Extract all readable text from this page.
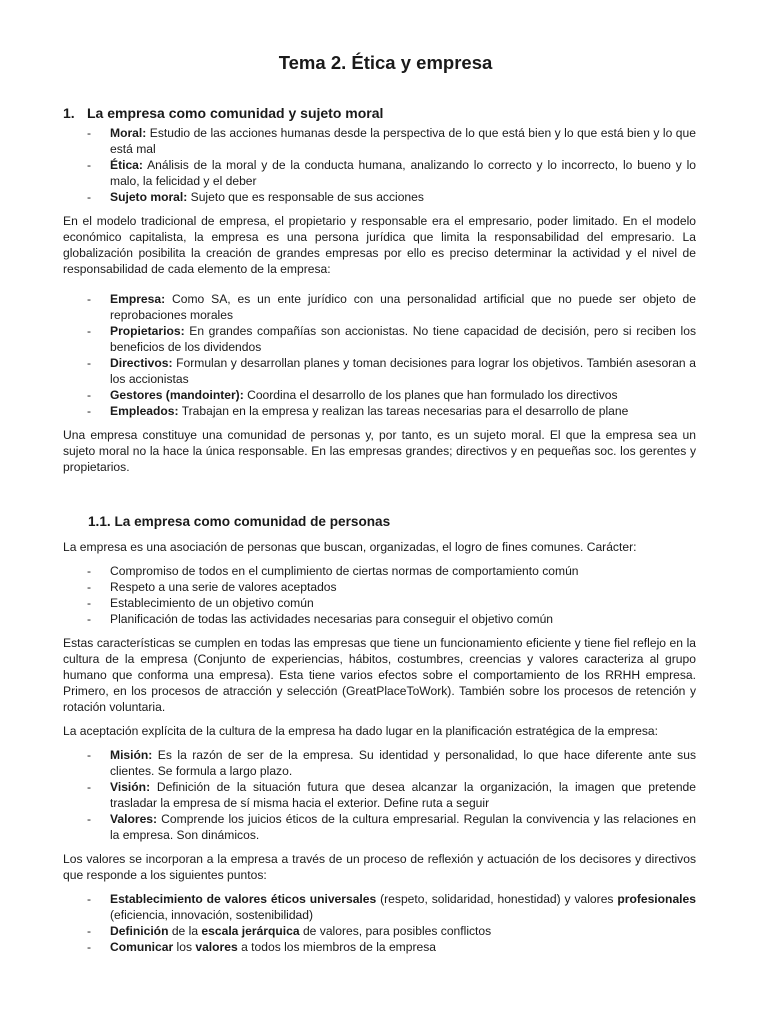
Tema 2. Ética y empresa
1. La empresa como comunidad y sujeto moral
- Moral: Estudio de las acciones humanas desde la perspectiva de lo que está bien y lo que está bien y lo que está mal
- Ética: Análisis de la moral y de la conducta humana, analizando lo correcto y lo incorrecto, lo bueno y lo malo, la felicidad y el deber
- Sujeto moral: Sujeto que es responsable de sus acciones

En el modelo tradicional de empresa, el propietario y responsable era el empresario, poder limitado. En el modelo económico capitalista, la empresa es una persona jurídica que limita la responsabilidad del empresario. La globalización posibilita la creación de grandes empresas por ello es preciso determinar la actividad y el nivel de responsabilidad de cada elemento de la empresa:

- Empresa: Como SA, es un ente jurídico con una personalidad artificial que no puede ser objeto de reprobaciones morales
- Propietarios: En grandes compañías son accionistas. No tiene capacidad de decisión, pero si reciben los beneficios de los dividendos
- Directivos: Formulan y desarrollan planes y toman decisiones para lograr los objetivos. También asesoran a los accionistas
- Gestores (mandointer): Coordina el desarrollo de los planes que han formulado los directivos
- Empleados: Trabajan en la empresa y realizan las tareas necesarias para el desarrollo de plane

Una empresa constituye una comunidad de personas y, por tanto, es un sujeto moral. El que la empresa sea un sujeto moral no la hace la única responsable. En las empresas grandes; directivos y en pequeñas soc. los gerentes y propietarios.

1.1. La empresa como comunidad de personas

La empresa es una asociación de personas que buscan, organizadas, el logro de fines comunes. Carácter:

- Compromiso de todos en el cumplimiento de ciertas normas de comportamiento común
- Respeto a una serie de valores aceptados
- Establecimiento de un objetivo común
- Planificación de todas las actividades necesarias para conseguir el objetivo común

Estas características se cumplen en todas las empresas que tiene un funcionamiento eficiente y tiene fiel reflejo en la cultura de la empresa (Conjunto de experiencias, hábitos, costumbres, creencias y valores caracteriza al grupo humano que conforma una empresa). Esta tiene varios efectos sobre el comportamiento de los RRHH empresa. Primero, en los procesos de atracción y selección (GreatPlaceToWork). También sobre los procesos de retención y rotación voluntaria.

La aceptación explícita de la cultura de la empresa ha dado lugar en la planificación estratégica de la empresa:

- Misión: Es la razón de ser de la empresa. Su identidad y personalidad, lo que hace diferente ante sus clientes. Se formula a largo plazo.
- Visión: Definición de la situación futura que desea alcanzar la organización, la imagen que pretende trasladar la empresa de sí misma hacia el exterior. Define ruta a seguir
- Valores: Comprende los juicios éticos de la cultura empresarial. Regulan la convivencia y las relaciones en la empresa. Son dinámicos.

Los valores se incorporan a la empresa a través de un proceso de reflexión y actuación de los decisores y directivos que responde a los siguientes puntos:

- Establecimiento de valores éticos universales (respeto, solidaridad, honestidad) y valores profesionales (eficiencia, innovación, sostenibilidad)
- Definición de la escala jerárquica de valores, para posibles conflictos
- Comunicar los valores a todos los miembros de la empresa
